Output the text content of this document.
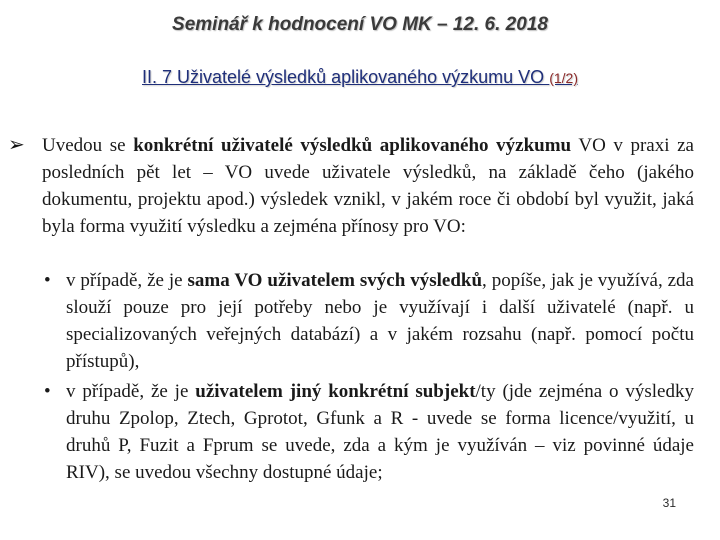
Seminář k hodnocení VO MK – 12. 6. 2018
II. 7 Uživatelé výsledků aplikovaného výzkumu VO (1/2)
➢ Uvedou se konkrétní uživatelé výsledků aplikovaného výzkumu VO v praxi za posledních pět let – VO uvede uživatele výsledků, na základě čeho (jakého dokumentu, projektu apod.) výsledek vznikl, v jakém roce či období byl využit, jaká byla forma využití výsledku a zejména přínosy pro VO:
• v případě, že je sama VO uživatelem svých výsledků, popíše, jak je využívá, zda slouží pouze pro její potřeby nebo je využívají i další uživatelé (např. u specializovaných veřejných databází) a v jakém rozsahu (např. pomocí počtu přístupů),
• v případě, že je uživatelem jiný konkrétní subjekt/ty (jde zejména o výsledky druhu Zpolop, Ztech, Gprotot, Gfunk a R - uvede se forma licence/využití, u druhů P, Fuzit a Fprum se uvede, zda a kým je využíván – viz povinné údaje RIV), se uvedou všechny dostupné údaje;
31
